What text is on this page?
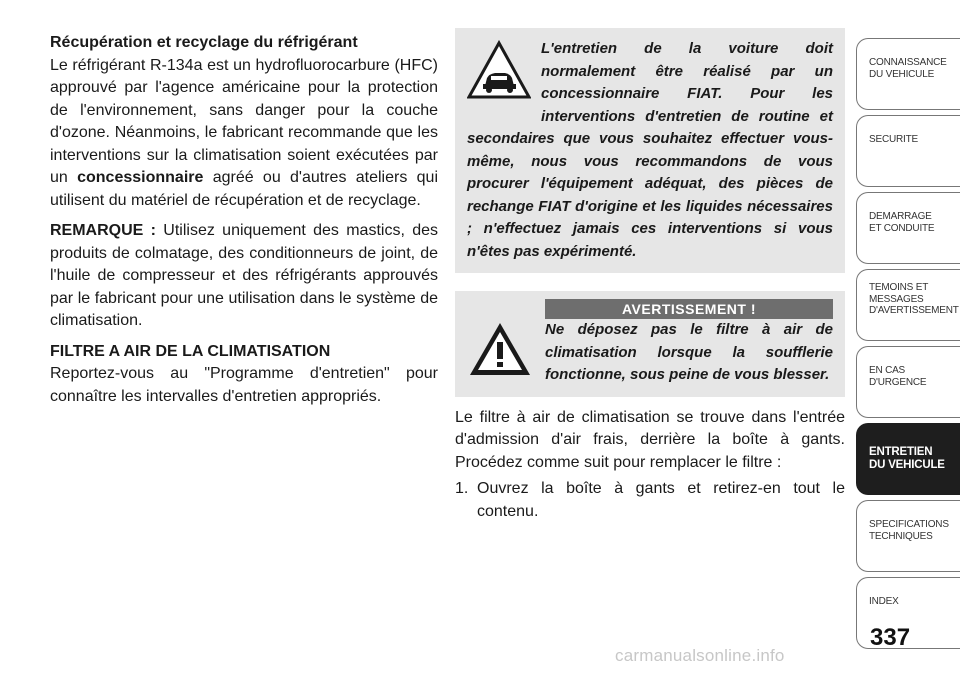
Récupération et recyclage du réfrigérant

Le réfrigérant R-134a est un hydrofluorocarbure (HFC) approuvé par l'agence américaine pour la protection de l'environnement, sans danger pour la couche d'ozone. Néanmoins, le fabricant recommande que les interventions sur la climatisation soient exécutées par un concessionnaire agréé ou d'autres ateliers qui utilisent du matériel de récupération et de recyclage.

REMARQUE : Utilisez uniquement des mastics, des produits de colmatage, des conditionneurs de joint, de l'huile de compresseur et des réfrigérants approuvés par le fabricant pour une utilisation dans le système de climatisation.

FILTRE A AIR DE LA CLIMATISATION

Reportez-vous au "Programme d'entretien" pour connaître les intervalles d'entretien appropriés.

L'entretien de la voiture doit normalement être réalisé par un concessionnaire FIAT. Pour les interventions d'entretien de routine et secondaires que vous souhaitez effectuer vous-même, nous vous recommandons de vous procurer l'équipement adéquat, des pièces de rechange FIAT d'origine et les liquides nécessaires ; n'effectuez jamais ces interventions si vous n'êtes pas expérimenté.
AVERTISSEMENT !
Ne déposez pas le filtre à air de climatisation lorsque la soufflerie fonctionne, sous peine de vous blesser.

Le filtre à air de climatisation se trouve dans l'entrée d'admission d'air frais, derrière la boîte à gants. Procédez comme suit pour remplacer le filtre :

1. Ouvrez la boîte à gants et retirez-en tout le contenu.

CONNAISSANCE
DU VEHICULE
SECURITE
DEMARRAGE
ET CONDUITE
TEMOINS ET
MESSAGES
D'AVERTISSEMENT
EN CAS
D'URGENCE
ENTRETIEN
DU VEHICULE
SPECIFICATIONS
TECHNIQUES
INDEX
337
carmanualsonline.info
